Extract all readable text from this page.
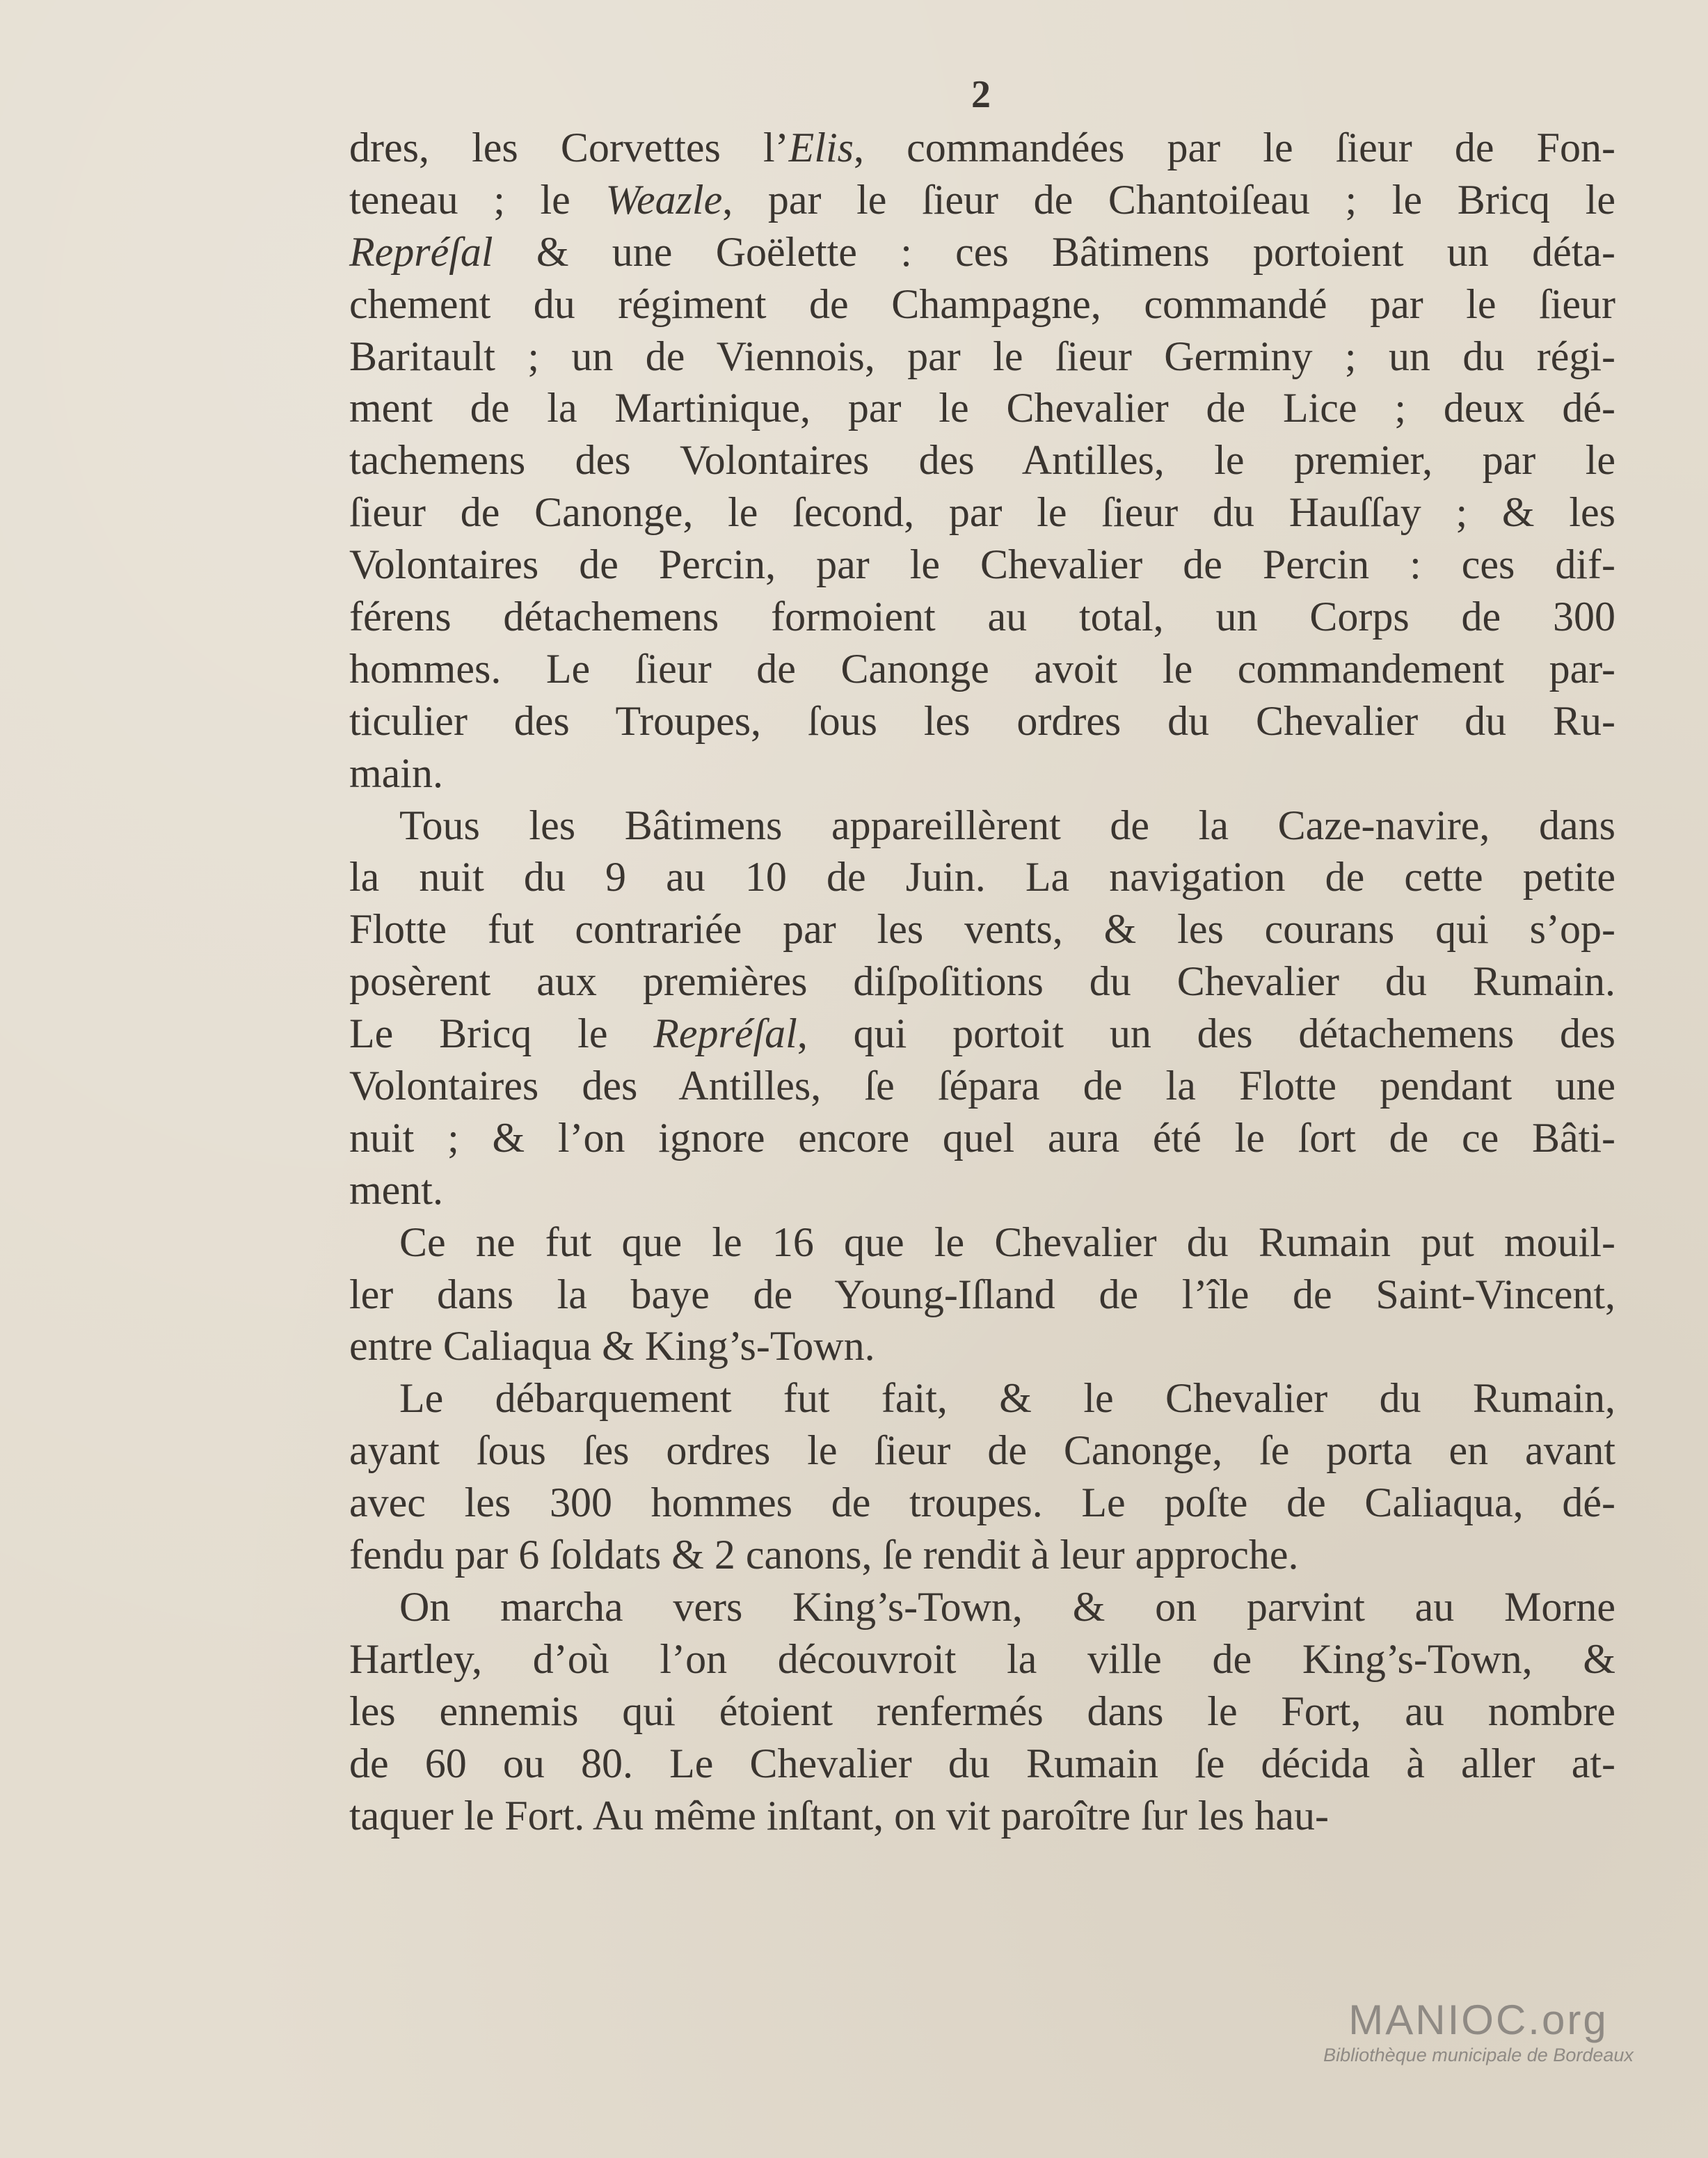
2
dres, les Corvettes l’Elis, commandées par le ſieur de Fon-
teneau ; le Weazle, par le ſieur de Chantoiſeau ; le Bricq le
Repréſal & une Goëlette : ces Bâtimens portoient un déta-
chement du régiment de Champagne, commandé par le ſieur
Baritault ; un de Viennois, par le ſieur Germiny ; un du régi-
ment de la Martinique, par le Chevalier de Lice ; deux dé-
tachemens des Volontaires des Antilles, le premier, par le
ſieur de Canonge, le ſecond, par le ſieur du Hauſſay ; & les
Volontaires de Percin, par le Chevalier de Percin : ces dif-
férens détachemens formoient au total, un Corps de 300
hommes. Le ſieur de Canonge avoit le commandement par-
ticulier des Troupes, ſous les ordres du Chevalier du Ru-
main.
Tous les Bâtimens appareillèrent de la Caze-navire, dans
la nuit du 9 au 10 de Juin. La navigation de cette petite
Flotte fut contrariée par les vents, & les courans qui s’op-
posèrent aux premières diſpoſitions du Chevalier du Rumain.
Le Bricq le Repréſal, qui portoit un des détachemens des
Volontaires des Antilles, ſe ſépara de la Flotte pendant une
nuit ; & l’on ignore encore quel aura été le ſort de ce Bâti-
ment.
Ce ne fut que le 16 que le Chevalier du Rumain put mouil-
ler dans la baye de Young-Iſland de l’île de Saint-Vincent,
entre Caliaqua & King’s-Town.
Le débarquement fut fait, & le Chevalier du Rumain,
ayant ſous ſes ordres le ſieur de Canonge, ſe porta en avant
avec les 300 hommes de troupes. Le poſte de Caliaqua, dé-
fendu par 6 ſoldats & 2 canons, ſe rendit à leur approche.
On marcha vers King’s-Town, & on parvint au Morne
Hartley, d’où l’on découvroit la ville de King’s-Town, &
les ennemis qui étoient renfermés dans le Fort, au nombre
de 60 ou 80. Le Chevalier du Rumain ſe décida à aller at-
taquer le Fort. Au même inſtant, on vit paroître ſur les hau-
MANIOC.org
Bibliothèque municipale de Bordeaux
